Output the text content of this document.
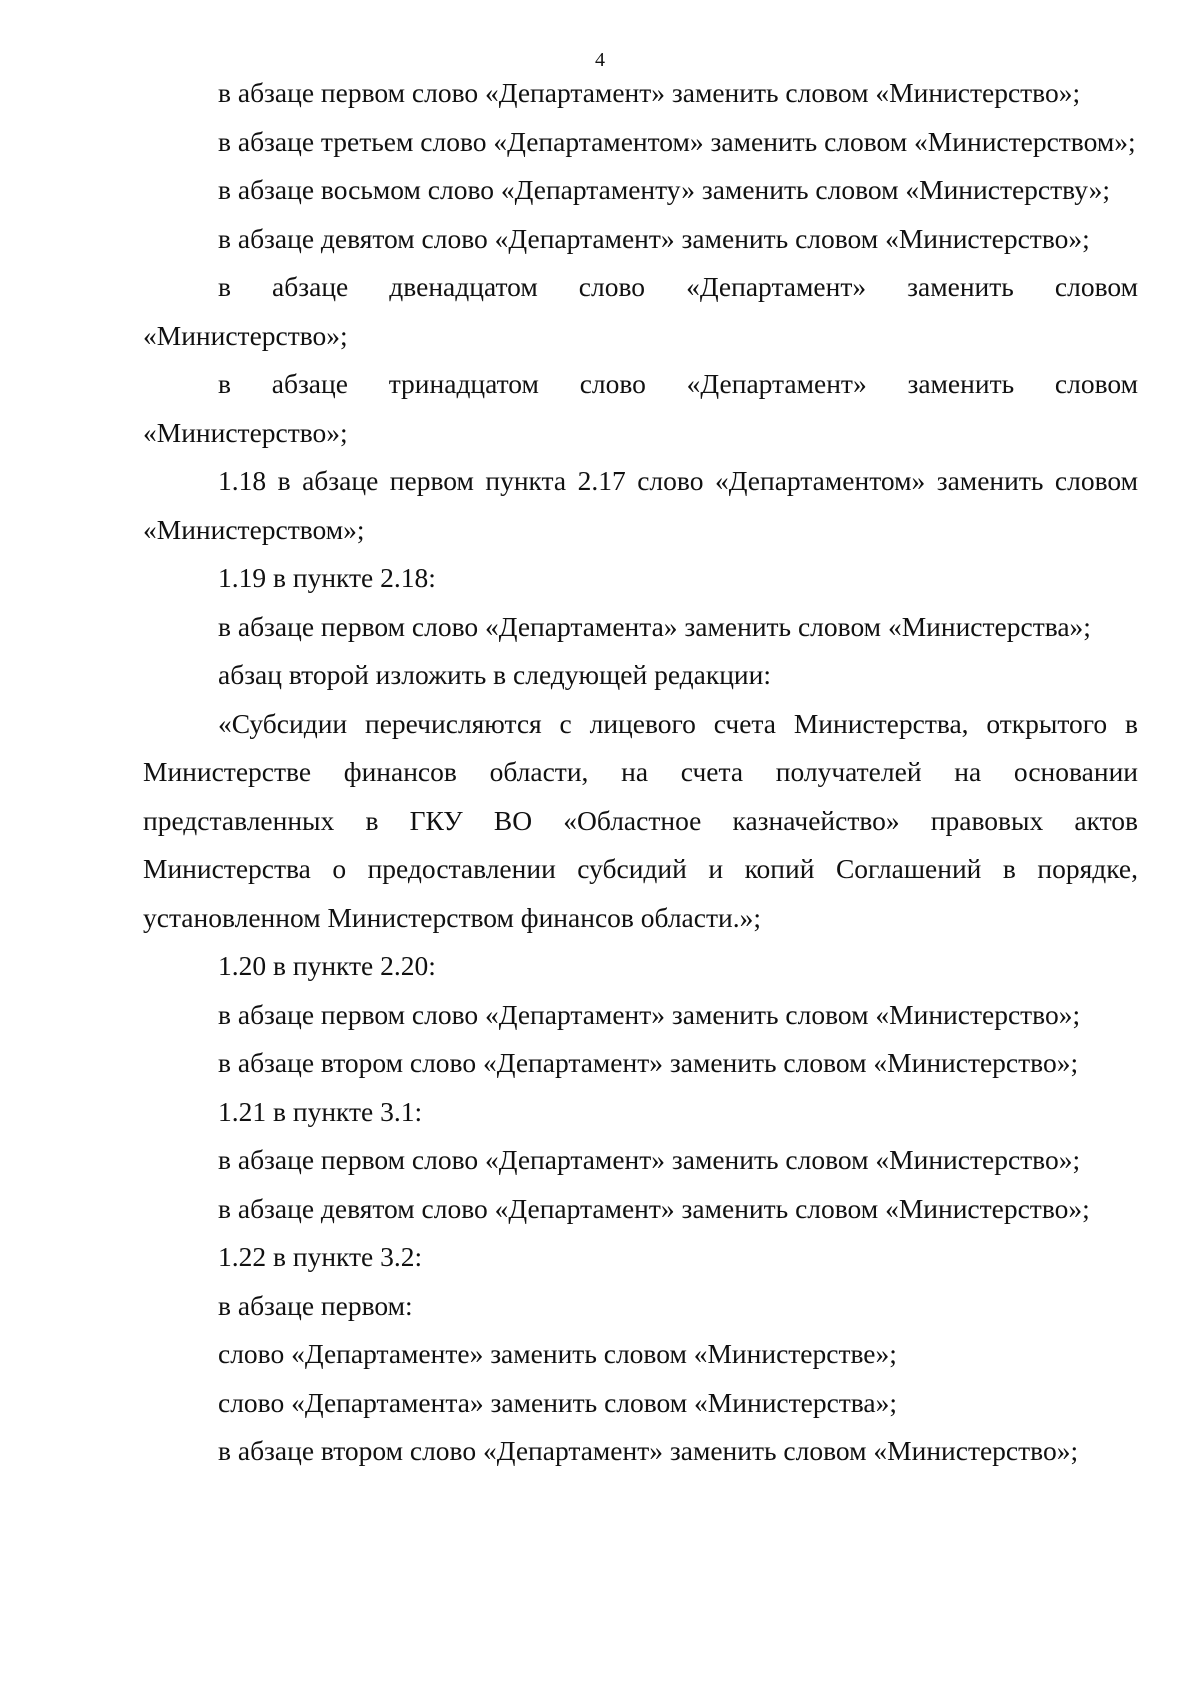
4

в абзаце первом слово «Департамент» заменить словом «Министерство»;

в абзаце третьем слово «Департаментом» заменить словом «Министерством»;

в абзаце восьмом слово «Департаменту» заменить словом «Министерству»;

в абзаце девятом слово «Департамент» заменить словом «Министерство»;

в абзаце двенадцатом слово «Департамент» заменить словом «Министерство»;

в абзаце тринадцатом слово «Департамент» заменить словом «Министерство»;

1.18 в абзаце первом пункта 2.17 слово «Департаментом» заменить словом «Министерством»;

1.19 в пункте 2.18:

в абзаце первом слово «Департамента» заменить словом «Министерства»;

абзац второй изложить в следующей редакции:

«Субсидии перечисляются с лицевого счета Министерства, открытого в Министерстве финансов области, на счета получателей на основании представленных в ГКУ ВО «Областное казначейство» правовых актов Министерства о предоставлении субсидий и копий Соглашений в порядке, установленном Министерством финансов области.»;

1.20 в пункте 2.20:

в абзаце первом слово «Департамент» заменить словом «Министерство»;

в абзаце втором слово «Департамент» заменить словом «Министерство»;

1.21 в пункте 3.1:

в абзаце первом слово «Департамент» заменить словом «Министерство»;

в абзаце девятом слово «Департамент» заменить словом «Министерство»;

1.22 в пункте 3.2:

в абзаце первом:

слово «Департаменте» заменить словом «Министерстве»;

слово «Департамента» заменить словом «Министерства»;

в абзаце втором слово «Департамент» заменить словом «Министерство»;
